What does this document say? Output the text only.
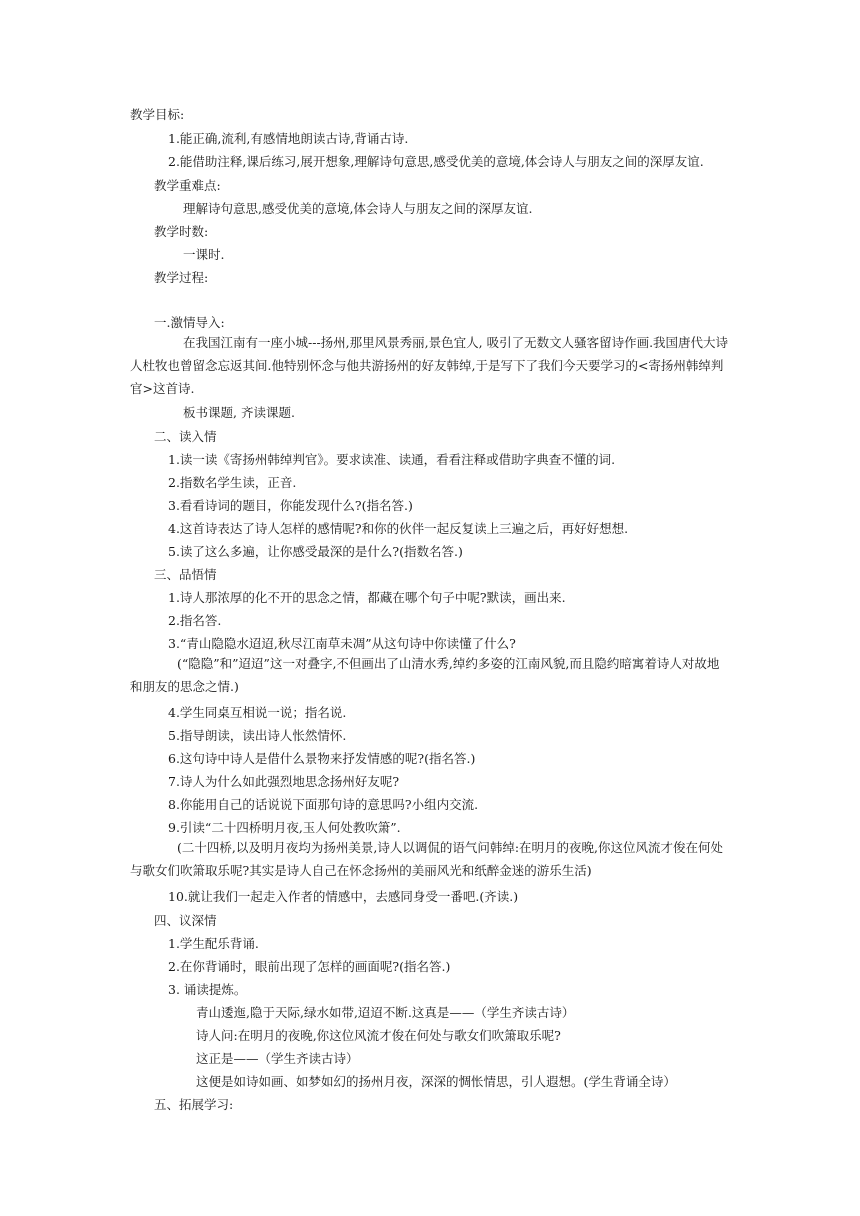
教学目标:
1.能正确,流利,有感情地朗读古诗,背诵古诗.
2.能借助注释,课后练习,展开想象,理解诗句意思,感受优美的意境,体会诗人与朋友之间的深厚友谊.
教学重难点:
理解诗句意思,感受优美的意境,体会诗人与朋友之间的深厚友谊.
教学时数:
一课时.
教学过程:
一.激情导入:
在我国江南有一座小城---扬州,那里风景秀丽,景色宜人, 吸引了无数文人骚客留诗作画.我国唐代大诗人杜牧也曾留念忘返其间.他特别怀念与他共游扬州的好友韩绰,于是写下了我们今天要学习的<寄扬州韩绰判官>这首诗.
板书课题, 齐读课题.
二、读入情
1.读一读《寄扬州韩绰判官》。要求读准、读通，看看注释或借助字典查不懂的词.
2.指数名学生读，正音.
3.看看诗词的题目，你能发现什么?(指名答.)
4.这首诗表达了诗人怎样的感情呢?和你的伙伴一起反复读上三遍之后，再好好想想.
5.读了这么多遍，让你感受最深的是什么?(指数名答.)
三、品悟情
1.诗人那浓厚的化不开的思念之情，都藏在哪个句子中呢?默读，画出来.
2.指名答.
3.“青山隐隐水迢迢,秋尽江南草未凋”从这句诗中你读懂了什么?
(“隐隐”和”迢迢”这一对叠字,不但画出了山清水秀,绰约多姿的江南风貌,而且隐约暗寓着诗人对故地和朋友的思念之情.)
4.学生同桌互相说一说；指名说.
5.指导朗读，读出诗人怅然情怀.
6.这句诗中诗人是借什么景物来抒发情感的呢?(指名答.)
7.诗人为什么如此强烈地思念扬州好友呢?
8.你能用自己的话说说下面那句诗的意思吗?小组内交流.
9.引读“二十四桥明月夜,玉人何处教吹箫”.
(二十四桥,以及明月夜均为扬州美景,诗人以调侃的语气问韩绰:在明月的夜晚,你这位风流才俊在何处与歌女们吹箫取乐呢?其实是诗人自己在怀念扬州的美丽风光和纸醉金迷的游乐生活)
10.就让我们一起走入作者的情感中，去感同身受一番吧.(齐读.)
四、议深情
1.学生配乐背诵.
2.在你背诵时，眼前出现了怎样的画面呢?(指名答.)
3. 诵读提炼。
青山逶迤,隐于天际,绿水如带,迢迢不断.这真是——（学生齐读古诗）
诗人问:在明月的夜晚,你这位风流才俊在何处与歌女们吹箫取乐呢?
这正是——（学生齐读古诗）
这便是如诗如画、如梦如幻的扬州月夜，深深的惆怅情思，引人遐想。(学生背诵全诗）
五、拓展学习:
